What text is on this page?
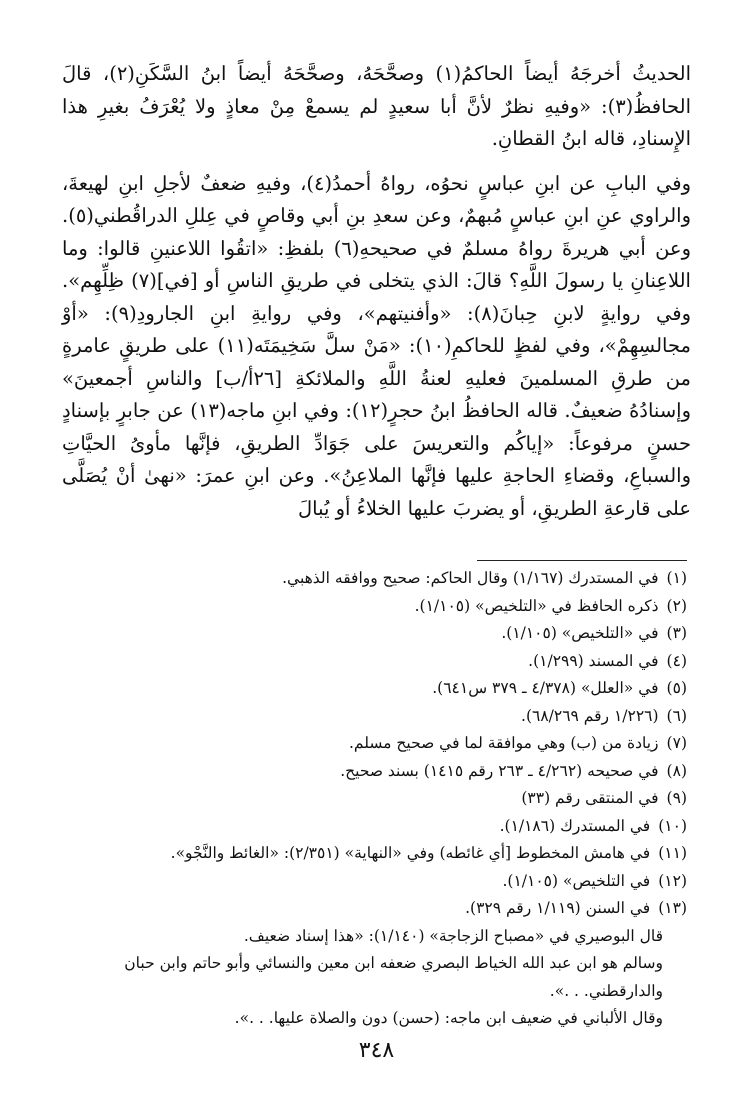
الحديثُ أخرجَهُ أيضاً الحاكمُ(١) وصحَّحَهُ، وصحَّحَهُ أيضاً ابنُ السَّكَنِ(٢)، قالَ الحافظُ(٣): «وفيهِ نظرٌ لأنَّ أبا سعيدٍ لم يسمعْ مِنْ معاذٍ ولا يُعْرَفُ بغيرِ هذا الإِسنادِ، قاله ابنُ القطانِ.

وفي البابِ عن ابنِ عباسٍ نحوُه، رواهُ أحمدُ(٤)، وفيهِ ضعفٌ لأجلِ ابنِ لهيعةَ، والراوي عنِ ابنِ عباسٍ مُبهمٌ، وعن سعدِ بنِ أبي وقاصٍ في عِللِ الدراقُطني(٥). وعن أبي هريرةَ رواهُ مسلمٌ في صحيحهِ(٦) بلفظِ: «اتقُوا اللاعنينِ قالوا: وما اللاعِنانِ يا رسولَ اللَّهِ؟ قالَ: الذي يتخلى في طريقِ الناسِ أو [في](٧) ظِلِّهِم». وفي روايةٍ لابنِ حِبانَ(٨): «وأفنيتهم»، وفي روايةِ ابنِ الجارودِ(٩): «أوْ مجالسِهِمْ»، وفي لفظٍ للحاكمِ(١٠): «مَنْ سلَّ سَخِيمَتَه(١١) على طريقٍ عامرةٍ من طرقِ المسلمينَ فعليهِ لعنةُ اللَّهِ والملائكةِ [٢٦أ/ب] والناسِ أجمعينَ» وإسنادُهُ ضعيفٌ. قاله الحافظُ ابنُ حجرٍ(١٢): وفي ابنِ ماجه(١٣) عن جابرٍ بإسنادٍ حسنٍ مرفوعاً: «إياكُم والتعريسَ على جَوَادِّ الطريقِ، فإنَّها مأوىُ الحيَّاتِ والسباعِ، وقضاءِ الحاجةِ عليها فإنَّها الملاعِنُ». وعن ابنِ عمرَ: «نهىٰ أنْ يُصَلَّى على قارعةِ الطريقِ، أو يضربَ عليها الخلاءُ أو يُبالَ

(١)
في المستدرك (١/١٦٧) وقال الحاكم: صحيح ووافقه الذهبي.
(٢)
ذكره الحافظ في «التلخيص» (١/١٠٥).
(٣)
في «التلخيص» (١/١٠٥).
(٤)
في المسند (١/٢٩٩).
(٥)
في «العلل» (٤/٣٧٨ ـ ٣٧٩ س٦٤١).
(٦)
(١/٢٢٦ رقم ٦٨/٢٦٩).
(٧)
زيادة من (ب) وهي موافقة لما في صحيح مسلم.
(٨)
في صحيحه (٤/٢٦٢ ـ ٢٦٣ رقم ١٤١٥) بسند صحيح.
(٩)
في المنتقى رقم (٣٣)
(١٠)
في المستدرك (١/١٨٦).
(١١)
في هامش المخطوط [أي غائطه) وفي «النهاية» (٢/٣٥١): «الغائط والنَّجْو».
(١٢)
في التلخيص» (١/١٠٥).
(١٣)
في السنن (١/١١٩ رقم ٣٢٩).
قال البوصيري في «مصباح الزجاجة» (١/١٤٠): «هذا إسناد ضعيف.
وسالم هو ابن عبد الله الخياط البصري ضعفه ابن معين والنسائي وأبو حاتم وابن حبان
والدارقطني. . .».
وقال الألباني في ضعيف ابن ماجه: (حسن) دون والصلاة عليها. . .».
٣٤٨
